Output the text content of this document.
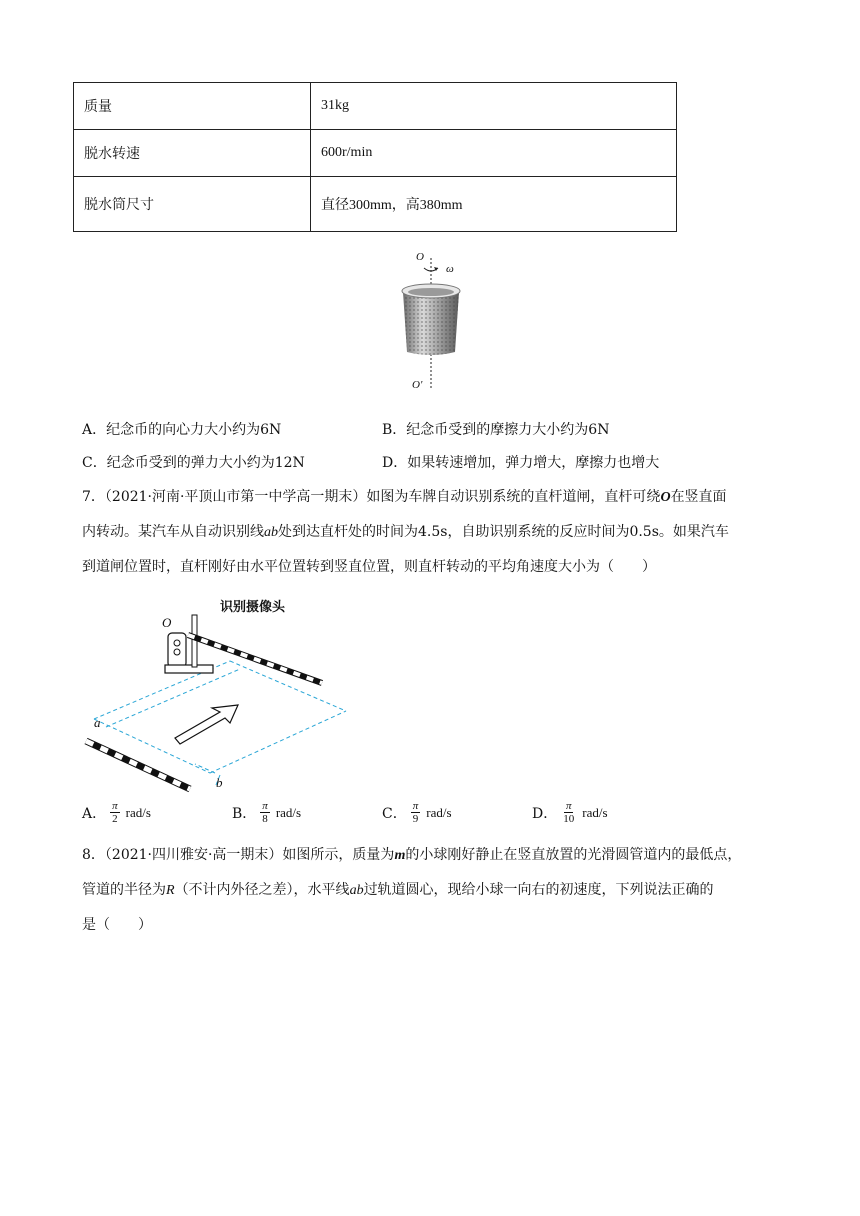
质量	31kg
脱水转速	600r/min
脱水筒尺寸	直径300mm，高380mm
O
ω
O'
A．纪念币的向心力大小约为6N	B．纪念币受到的摩擦力大小约为6N
C．纪念币受到的弹力大小约为12N	D．如果转速增加，弹力增大，摩擦力也增大

7．（2021·河南·平顶山市第一中学高一期末）如图为车牌自动识别系统的直杆道闸，直杆可绕O在竖直面

内转动。某汽车从自动识别线ab处到达直杆处的时间为4.5s，自助识别系统的反应时间为0.5s。如果汽车

到道闸位置时，直杆刚好由水平位置转到竖直位置，则直杆转动的平均角速度大小为（　　）

识别摄像头
O
a
b
A． $\frac{\pi}{2} rad/s$	B． $\frac{\pi}{8} rad/s$	C． $\frac{\pi}{9} rad/s$	D． $\frac{\pi}{10} rad/s$

8．（2021·四川雅安·高一期末）如图所示，质量为m的小球刚好静止在竖直放置的光滑圆管道内的最低点，

管道的半径为R（不计内外径之差），水平线ab过轨道圆心，现给小球一向右的初速度，下列说法正确的

是（　　）
